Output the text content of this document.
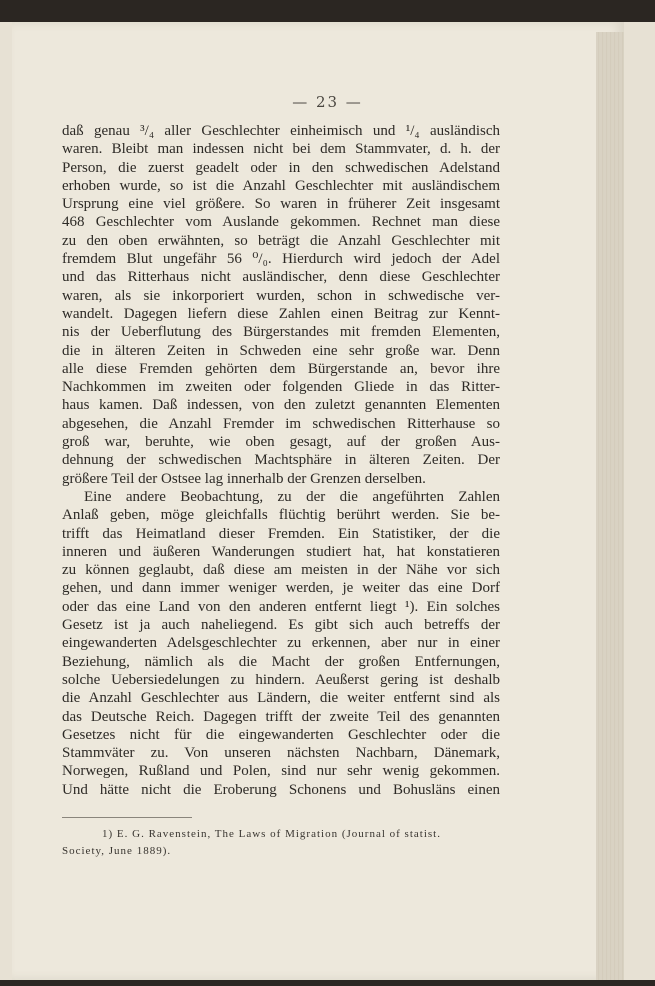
— 23 —
daß genau ³/₄ aller Geschlechter einheimisch und ¹/₄ ausländisch
waren. Bleibt man indessen nicht bei dem Stammvater, d. h. der
Person, die zuerst geadelt oder in den schwedischen Adelstand
erhoben wurde, so ist die Anzahl Geschlechter mit ausländischem
Ursprung eine viel größere. So waren in früherer Zeit insgesamt
468 Geschlechter vom Auslande gekommen. Rechnet man diese
zu den oben erwähnten, so beträgt die Anzahl Geschlechter mit
fremdem Blut ungefähr 56 ⁰/₀. Hierdurch wird jedoch der Adel
und das Ritterhaus nicht ausländischer, denn diese Geschlechter
waren, als sie inkorporiert wurden, schon in schwedische ver-
wandelt. Dagegen liefern diese Zahlen einen Beitrag zur Kennt-
nis der Ueberflutung des Bürgerstandes mit fremden Elementen,
die in älteren Zeiten in Schweden eine sehr große war. Denn
alle diese Fremden gehörten dem Bürgerstande an, bevor ihre
Nachkommen im zweiten oder folgenden Gliede in das Ritter-
haus kamen. Daß indessen, von den zuletzt genannten Elementen
abgesehen, die Anzahl Fremder im schwedischen Ritterhause so
groß war, beruhte, wie oben gesagt, auf der großen Aus-
dehnung der schwedischen Machtsphäre in älteren Zeiten. Der
größere Teil der Ostsee lag innerhalb der Grenzen derselben.
Eine andere Beobachtung, zu der die angeführten Zahlen
Anlaß geben, möge gleichfalls flüchtig berührt werden. Sie be-
trifft das Heimatland dieser Fremden. Ein Statistiker, der die
inneren und äußeren Wanderungen studiert hat, hat konstatieren
zu können geglaubt, daß diese am meisten in der Nähe vor sich
gehen, und dann immer weniger werden, je weiter das eine Dorf
oder das eine Land von den anderen entfernt liegt ¹). Ein solches
Gesetz ist ja auch naheliegend. Es gibt sich auch betreffs der
eingewanderten Adelsgeschlechter zu erkennen, aber nur in einer
Beziehung, nämlich als die Macht der großen Entfernungen,
solche Uebersiedelungen zu hindern. Aeußerst gering ist deshalb
die Anzahl Geschlechter aus Ländern, die weiter entfernt sind als
das Deutsche Reich. Dagegen trifft der zweite Teil des genannten
Gesetzes nicht für die eingewanderten Geschlechter oder die
Stammväter zu. Von unseren nächsten Nachbarn, Dänemark,
Norwegen, Rußland und Polen, sind nur sehr wenig gekommen.
Und hätte nicht die Eroberung Schonens und Bohusläns einen
1) E. G. Ravenstein, The Laws of Migration (Journal of statist.
Society, June 1889).
